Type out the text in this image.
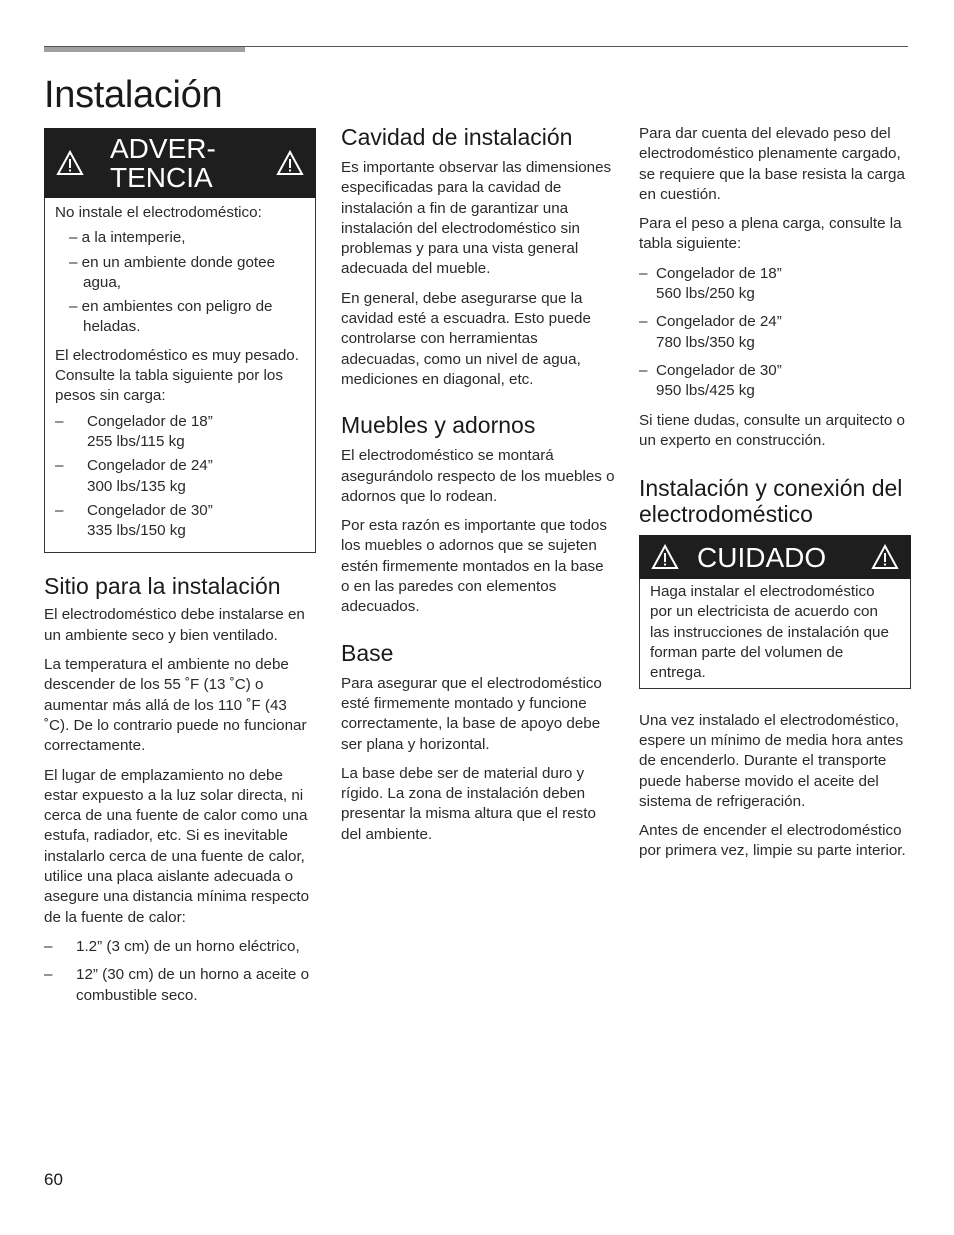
Instalación
ADVER-
TENCIA

No instale el electrodoméstico:

– a la intemperie,
– en un ambiente donde gotee agua,
– en ambientes con peligro de heladas.

El electrodoméstico es muy pesado. Consulte la tabla siguiente por los pesos sin carga:

– Congelador de 18”
255 lbs/115 kg
– Congelador de 24”
300 lbs/135 kg
– Congelador de 30”
335 lbs/150 kg
Sitio para la instalación

El electrodoméstico debe instalarse en un ambiente seco y bien ventilado.

La temperatura el ambiente no debe descender de los 55 ˚F (13 ˚C) o aumentar más allá de los 110 ˚F (43 ˚C). De lo contrario puede no funcionar correctamente.

El lugar de emplazamiento no debe estar expuesto a la luz solar directa, ni cerca de una fuente de calor como una estufa, radiador, etc. Si es inevitable instalarlo cerca de una fuente de calor, utilice una placa aislante adecuada o asegure una distancia mínima respecto de la fuente de calor:

– 1.2” (3 cm) de un horno eléctrico,
– 12” (30 cm) de un horno a aceite o combustible seco.
Cavidad de instalación

Es importante observar las dimensiones especificadas para la cavidad de instalación a fin de garantizar una instalación del electrodoméstico sin problemas y para una vista general adecuada del mueble.

En general, debe asegurarse que la cavidad esté a escuadra. Esto puede controlarse con herramientas adecuadas, como un nivel de agua, mediciones en diagonal, etc.

Muebles y adornos

El electrodoméstico se montará asegurándolo respecto de los muebles o adornos que lo rodean.

Por esta razón es importante que todos los muebles o adornos que se sujeten estén firmemente montados en la base o en las paredes con elementos adecuados.

Base

Para asegurar que el electrodoméstico esté firmemente montado y funcione correctamente, la base de apoyo debe ser plana y horizontal.

La base debe ser de material duro y rígido. La zona de instalación deben presentar la misma altura que el resto del ambiente.

Para dar cuenta del elevado peso del electrodoméstico plenamente cargado, se requiere que la base resista la carga en cuestión.

Para el peso a plena carga, consulte la tabla siguiente:

– Congelador de 18”
560 lbs/250 kg
– Congelador de 24”
780 lbs/350 kg
– Congelador de 30”
950 lbs/425 kg

Si tiene dudas, consulte un arquitecto o un experto en construcción.

Instalación y conexión del electrodoméstico
CUIDADO

Haga instalar el electrodoméstico por un electricista de acuerdo con las instrucciones de instalación que forman parte del volumen de entrega.

Una vez instalado el electrodoméstico, espere un mínimo de media hora antes de encenderlo. Durante el transporte puede haberse movido el aceite del sistema de refrigeración.

Antes de encender el electrodoméstico por primera vez, limpie su parte interior.

60
